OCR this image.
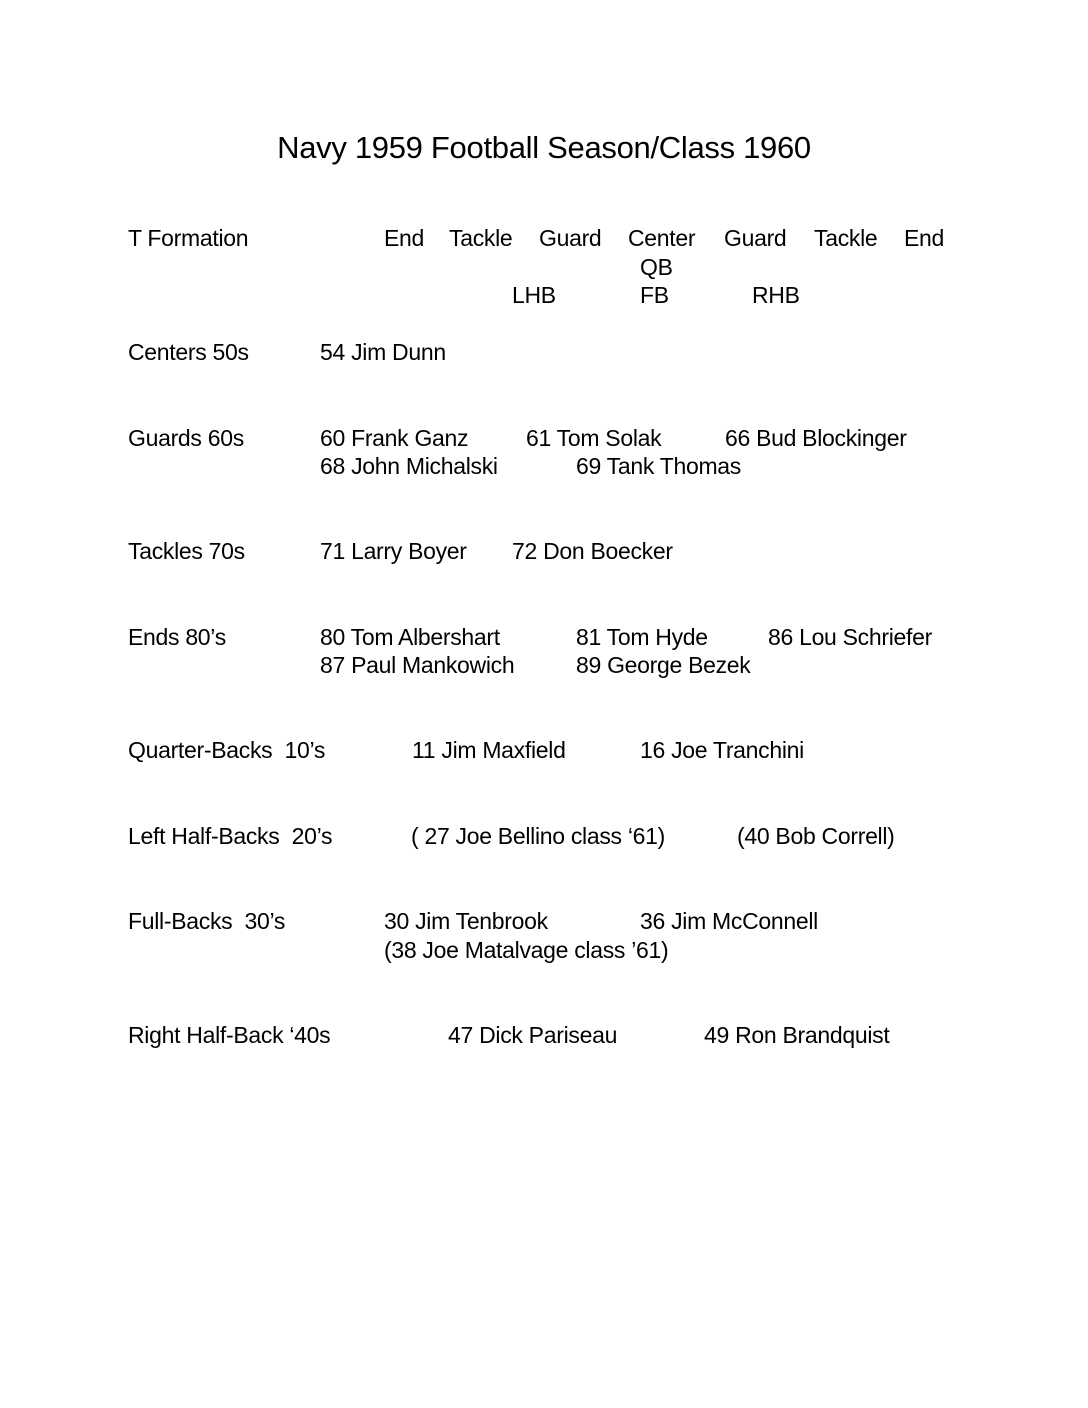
Navy 1959 Football Season/Class 1960
T Formation	End Tackle Guard Center Guard Tackle End
QB
LHB	FB	RHB
Centers 50s	54 Jim Dunn
Guards 60s	60 Frank Ganz	61 Tom Solak	66 Bud Blockinger
68 John Michalski	69 Tank Thomas
Tackles 70s	71 Larry Boyer 72 Don Boecker
Ends 80’s	80 Tom Albershart	81 Tom Hyde	86 Lou Schriefer
87 Paul Mankowich	89 George Bezek
Quarter-Backs  10’s	11 Jim Maxfield	16 Joe Tranchini
Left Half-Backs  20’s	( 27 Joe Bellino class ‘61)	(40 Bob Correll)
Full-Backs  30’s	30 Jim Tenbrook	36 Jim McConnell
(38 Joe Matalvage class ’61)
Right Half-Back ‘40s	47 Dick Pariseau	49 Ron Brandquist
